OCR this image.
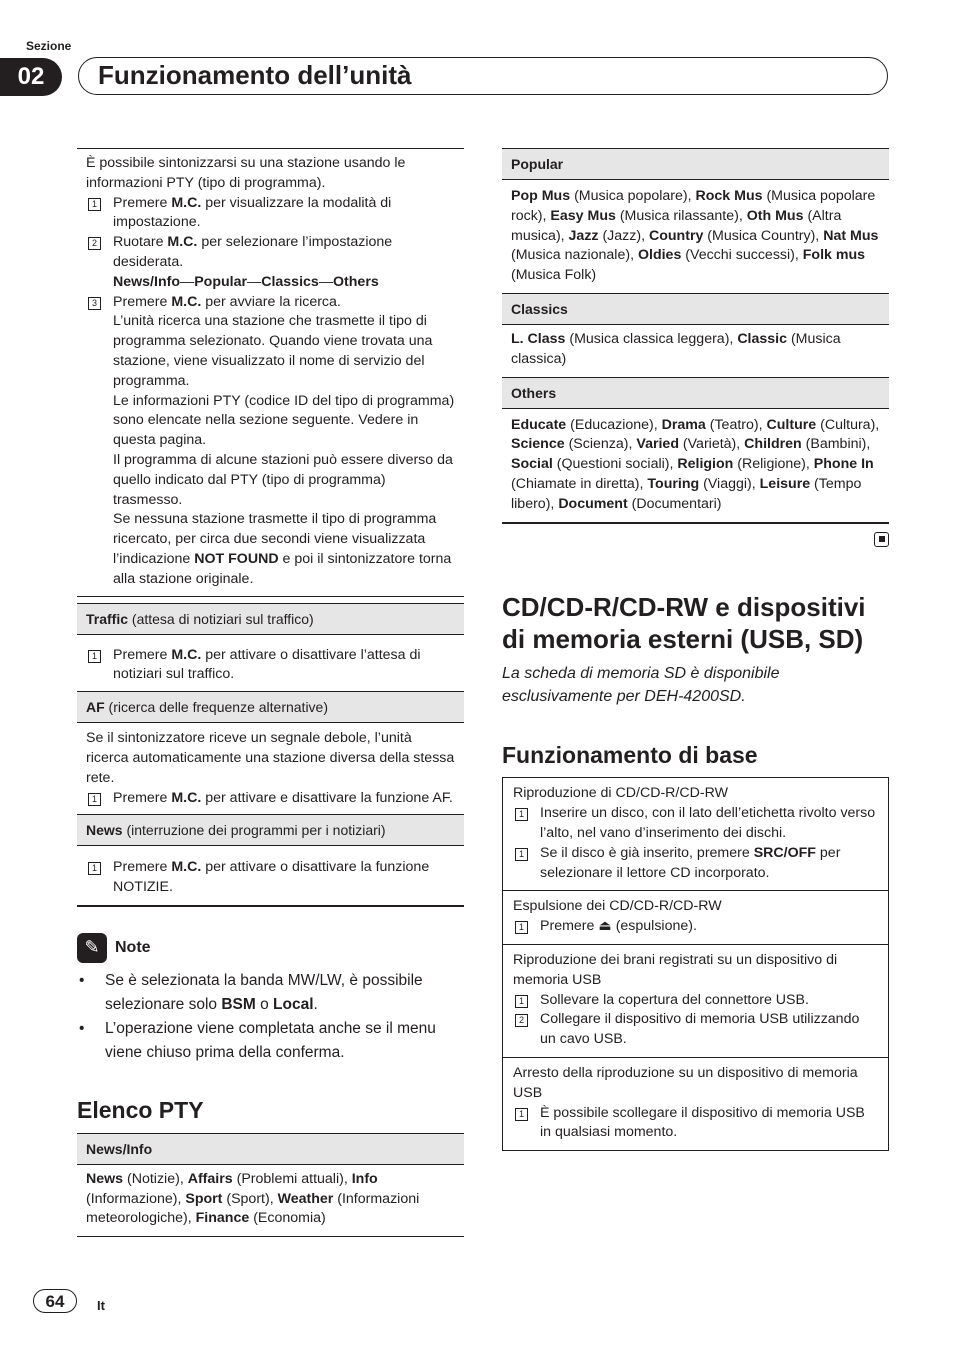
Sezione
02	Funzionamento dell’unità
È possibile sintonizzarsi su una stazione usando le informazioni PTY (tipo di programma).
1 Premere M.C. per visualizzare la modalità di impostazione.
2 Ruotare M.C. per selezionare l’impostazione desiderata.
News/Info—Popular—Classics—Others
3 Premere M.C. per avviare la ricerca.
L’unità ricerca una stazione che trasmette il tipo di programma selezionato. Quando viene trovata una stazione, viene visualizzato il nome di servizio del programma.
Le informazioni PTY (codice ID del tipo di programma) sono elencate nella sezione seguente. Vedere in questa pagina.
Il programma di alcune stazioni può essere diverso da quello indicato dal PTY (tipo di programma) trasmesso.
Se nessuna stazione trasmette il tipo di programma ricercato, per circa due secondi viene visualizzata l’indicazione NOT FOUND e poi il sintonizzatore torna alla stazione originale.
Traffic (attesa di notiziari sul traffico)
1 Premere M.C. per attivare o disattivare l’attesa di notiziari sul traffico.
AF (ricerca delle frequenze alternative)
Se il sintonizzatore riceve un segnale debole, l’unità ricerca automaticamente una stazione diversa della stessa rete.
1 Premere M.C. per attivare e disattivare la funzione AF.
News (interruzione dei programmi per i notiziari)
1 Premere M.C. per attivare o disattivare la funzione NOTIZIE.
✎ Note
•	Se è selezionata la banda MW/LW, è possibile selezionare solo BSM o Local.
•	L’operazione viene completata anche se il menu viene chiuso prima della conferma.
Elenco PTY
News/Info
News (Notizie), Affairs (Problemi attuali), Info (Informazione), Sport (Sport), Weather (Informazioni meteorologiche), Finance (Economia)
Popular
Pop Mus (Musica popolare), Rock Mus (Musica popolare rock), Easy Mus (Musica rilassante), Oth Mus (Altra musica), Jazz (Jazz), Country (Musica Country), Nat Mus (Musica nazionale), Oldies (Vecchi successi), Folk mus (Musica Folk)
Classics
L. Class (Musica classica leggera), Classic (Musica classica)
Others
Educate (Educazione), Drama (Teatro), Culture (Cultura), Science (Scienza), Varied (Varietà), Children (Bambini), Social (Questioni sociali), Religion (Religione), Phone In (Chiamate in diretta), Touring (Viaggi), Leisure (Tempo libero), Document (Documentari)
CD/CD-R/CD-RW e dispositivi di memoria esterni (USB, SD)
La scheda di memoria SD è disponibile esclusivamente per DEH-4200SD.
Funzionamento di base
Riproduzione di CD/CD-R/CD-RW
1 Inserire un disco, con il lato dell’etichetta rivolto verso l’alto, nel vano d’inserimento dei dischi.
1 Se il disco è già inserito, premere SRC/OFF per selezionare il lettore CD incorporato.
Espulsione dei CD/CD-R/CD-RW
1 Premere ⏏ (espulsione).
Riproduzione dei brani registrati su un dispositivo di memoria USB
1 Sollevare la copertura del connettore USB.
2 Collegare il dispositivo di memoria USB utilizzando un cavo USB.
Arresto della riproduzione su un dispositivo di memoria USB
1 È possibile scollegare il dispositivo di memoria USB in qualsiasi momento.
64	It
